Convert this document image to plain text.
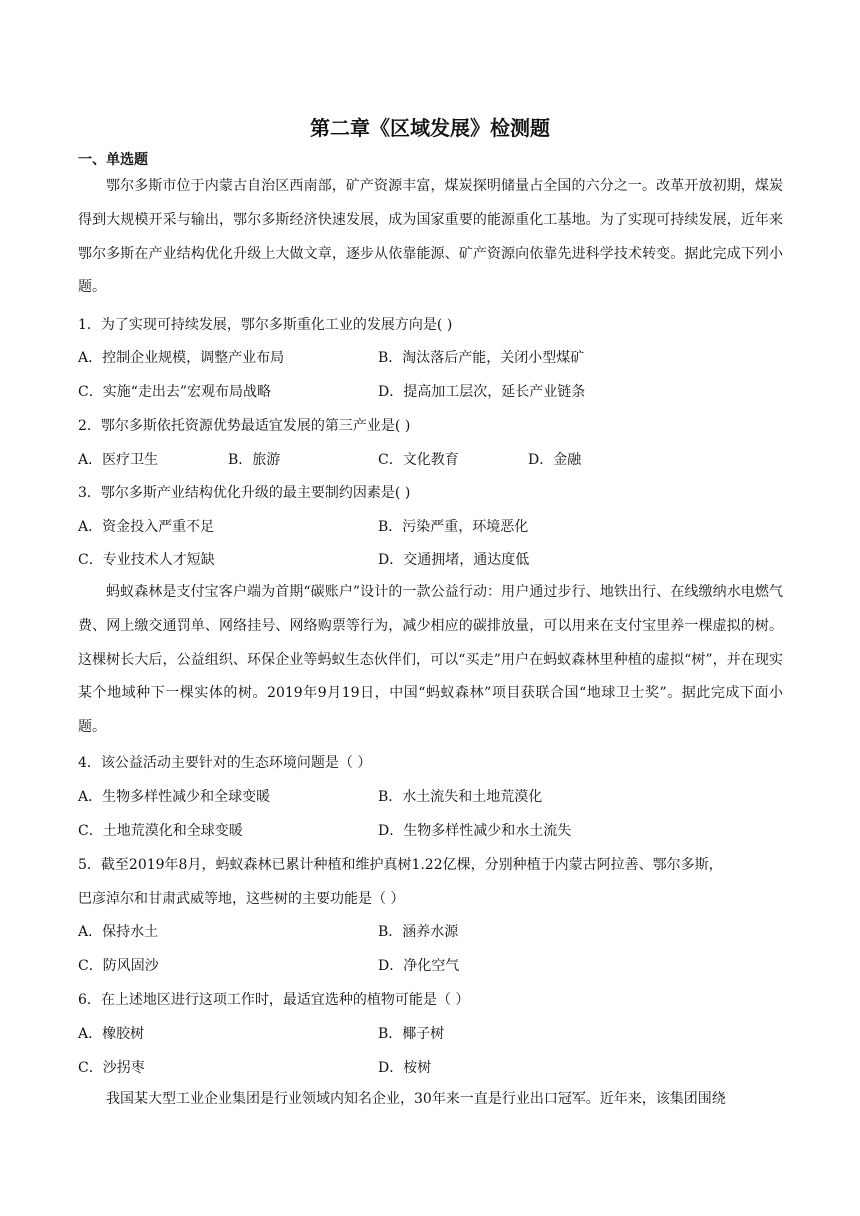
第二章《区域发展》检测题

一、单选题

鄂尔多斯市位于内蒙古自治区西南部，矿产资源丰富，煤炭探明储量占全国的六分之一。改革开放初期，煤炭得到大规模开采与输出，鄂尔多斯经济快速发展，成为国家重要的能源重化工基地。为了实现可持续发展，近年来鄂尔多斯在产业结构优化升级上大做文章，逐步从依靠能源、矿产资源向依靠先进科学技术转变。据此完成下列小题。

1．为了实现可持续发展，鄂尔多斯重化工业的发展方向是( )

A．控制企业规模，调整产业布局	B．淘汰落后产能，关闭小型煤矿
C．实施“走出去”宏观布局战略	D．提高加工层次，延长产业链条

2．鄂尔多斯依托资源优势最适宜发展的第三产业是( )

A．医疗卫生	B．旅游	C．文化教育	D．金融

3．鄂尔多斯产业结构优化升级的最主要制约因素是( )

A．资金投入严重不足	B．污染严重，环境恶化
C．专业技术人才短缺	D．交通拥堵，通达度低

蚂蚁森林是支付宝客户端为首期“碳账户”设计的一款公益行动：用户通过步行、地铁出行、在线缴纳水电燃气费、网上缴交通罚单、网络挂号、网络购票等行为，减少相应的碳排放量，可以用来在支付宝里养一棵虚拟的树。这棵树长大后，公益组织、环保企业等蚂蚁生态伙伴们，可以“买走”用户在蚂蚁森林里种植的虚拟“树”，并在现实某个地域种下一棵实体的树。2019年9月19日，中国“蚂蚁森林”项目获联合国“地球卫士奖”。据此完成下面小题。

4．该公益活动主要针对的生态环境问题是（ ）

A．生物多样性减少和全球变暖	B．水土流失和土地荒漠化
C．土地荒漠化和全球变暖	D．生物多样性减少和水土流失

5．截至2019年8月，蚂蚁森林已累计种植和维护真树1.22亿棵，分别种植于内蒙古阿拉善、鄂尔多斯，

巴彦淖尔和甘肃武威等地，这些树的主要功能是（ ）

A．保持水土	B．涵养水源
C．防风固沙	D．净化空气

6．在上述地区进行这项工作时，最适宜选种的植物可能是（ ）

A．橡胶树	B．椰子树
C．沙拐枣	D．桉树

我国某大型工业企业集团是行业领域内知名企业，30年来一直是行业出口冠军。近年来，该集团围绕
